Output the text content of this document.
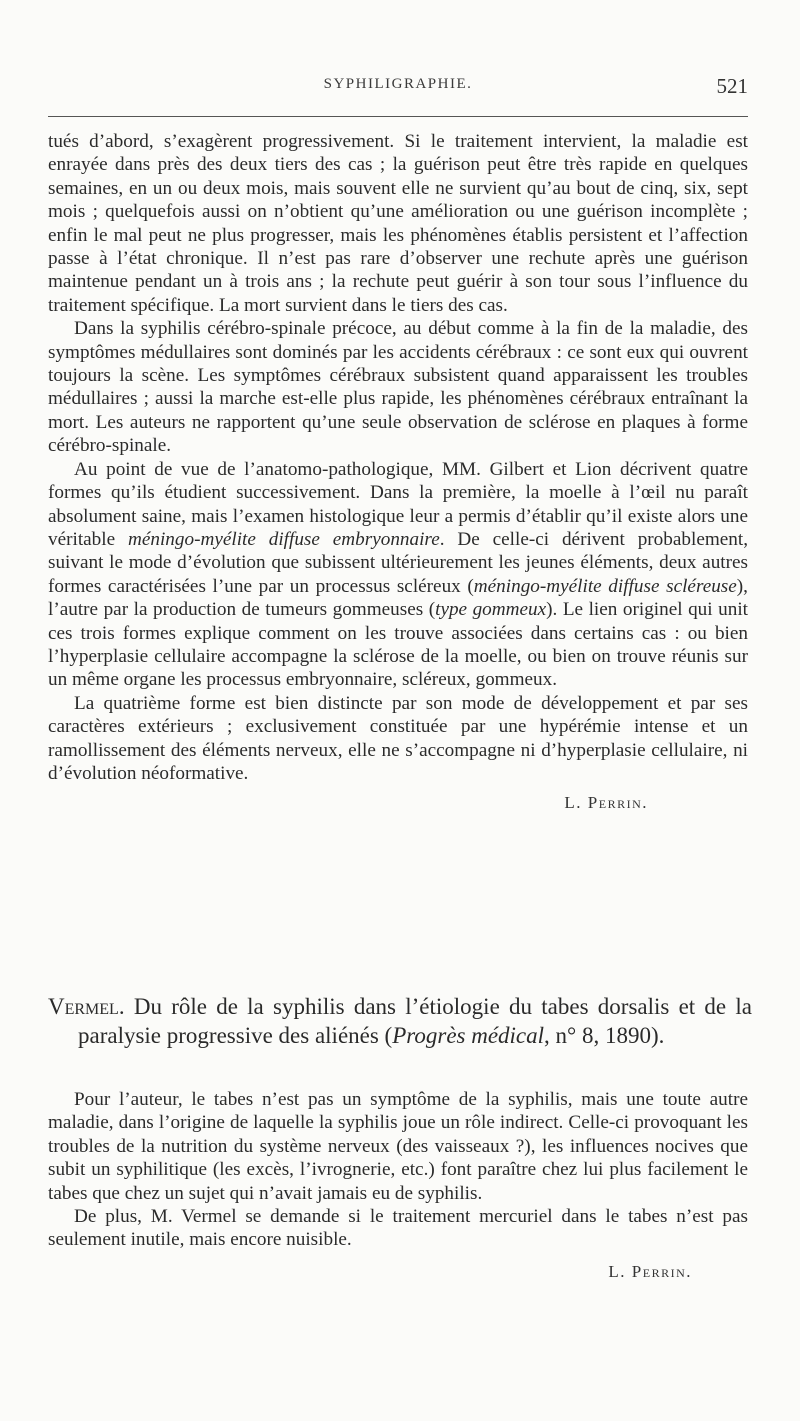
SYPHILIGRAPHIE.	521

tués d’abord, s’exagèrent progressivement. Si le traitement intervient, la maladie est enrayée dans près des deux tiers des cas ; la guérison peut être très rapide en quelques semaines, en un ou deux mois, mais souvent elle ne survient qu’au bout de cinq, six, sept mois ; quelquefois aussi on n’obtient qu’une amélioration ou une guérison incomplète ; enfin le mal peut ne plus progresser, mais les phénomènes établis persistent et l’affection passe à l’état chronique. Il n’est pas rare d’observer une rechute après une guérison maintenue pendant un à trois ans ; la rechute peut guérir à son tour sous l’influence du traitement spécifique. La mort survient dans le tiers des cas.

Dans la syphilis cérébro-spinale précoce, au début comme à la fin de la maladie, des symptômes médullaires sont dominés par les accidents cérébraux : ce sont eux qui ouvrent toujours la scène. Les symptômes cérébraux subsistent quand apparaissent les troubles médullaires ; aussi la marche est-elle plus rapide, les phénomènes cérébraux entraînant la mort. Les auteurs ne rapportent qu’une seule observation de sclérose en plaques à forme cérébro-spinale.

Au point de vue de l’anatomo-pathologique, MM. Gilbert et Lion décrivent quatre formes qu’ils étudient successivement. Dans la première, la moelle à l’œil nu paraît absolument saine, mais l’examen histologique leur a permis d’établir qu’il existe alors une véritable méningo-myélite diffuse embryonnaire. De celle-ci dérivent probablement, suivant le mode d’évolution que subissent ultérieurement les jeunes éléments, deux autres formes caractérisées l’une par un processus scléreux (méningo-myélite diffuse scléreuse), l’autre par la production de tumeurs gommeuses (type gommeux). Le lien originel qui unit ces trois formes explique comment on les trouve associées dans certains cas : ou bien l’hyperplasie cellulaire accompagne la sclérose de la moelle, ou bien on trouve réunis sur un même organe les processus embryonnaire, scléreux, gommeux.

La quatrième forme est bien distincte par son mode de développement et par ses caractères extérieurs ; exclusivement constituée par une hypérémie intense et un ramollissement des éléments nerveux, elle ne s’accompagne ni d’hyperplasie cellulaire, ni d’évolution néoformative.

L. Perrin.

Vermel. Du rôle de la syphilis dans l’étiologie du tabes dorsalis et de la paralysie progressive des aliénés (Progrès médical, n° 8, 1890).

Pour l’auteur, le tabes n’est pas un symptôme de la syphilis, mais une toute autre maladie, dans l’origine de laquelle la syphilis joue un rôle indirect. Celle-ci provoquant les troubles de la nutrition du système nerveux (des vaisseaux ?), les influences nocives que subit un syphilitique (les excès, l’ivrognerie, etc.) font paraître chez lui plus facilement le tabes que chez un sujet qui n’avait jamais eu de syphilis.

De plus, M. Vermel se demande si le traitement mercuriel dans le tabes n’est pas seulement inutile, mais encore nuisible.

L. Perrin.
